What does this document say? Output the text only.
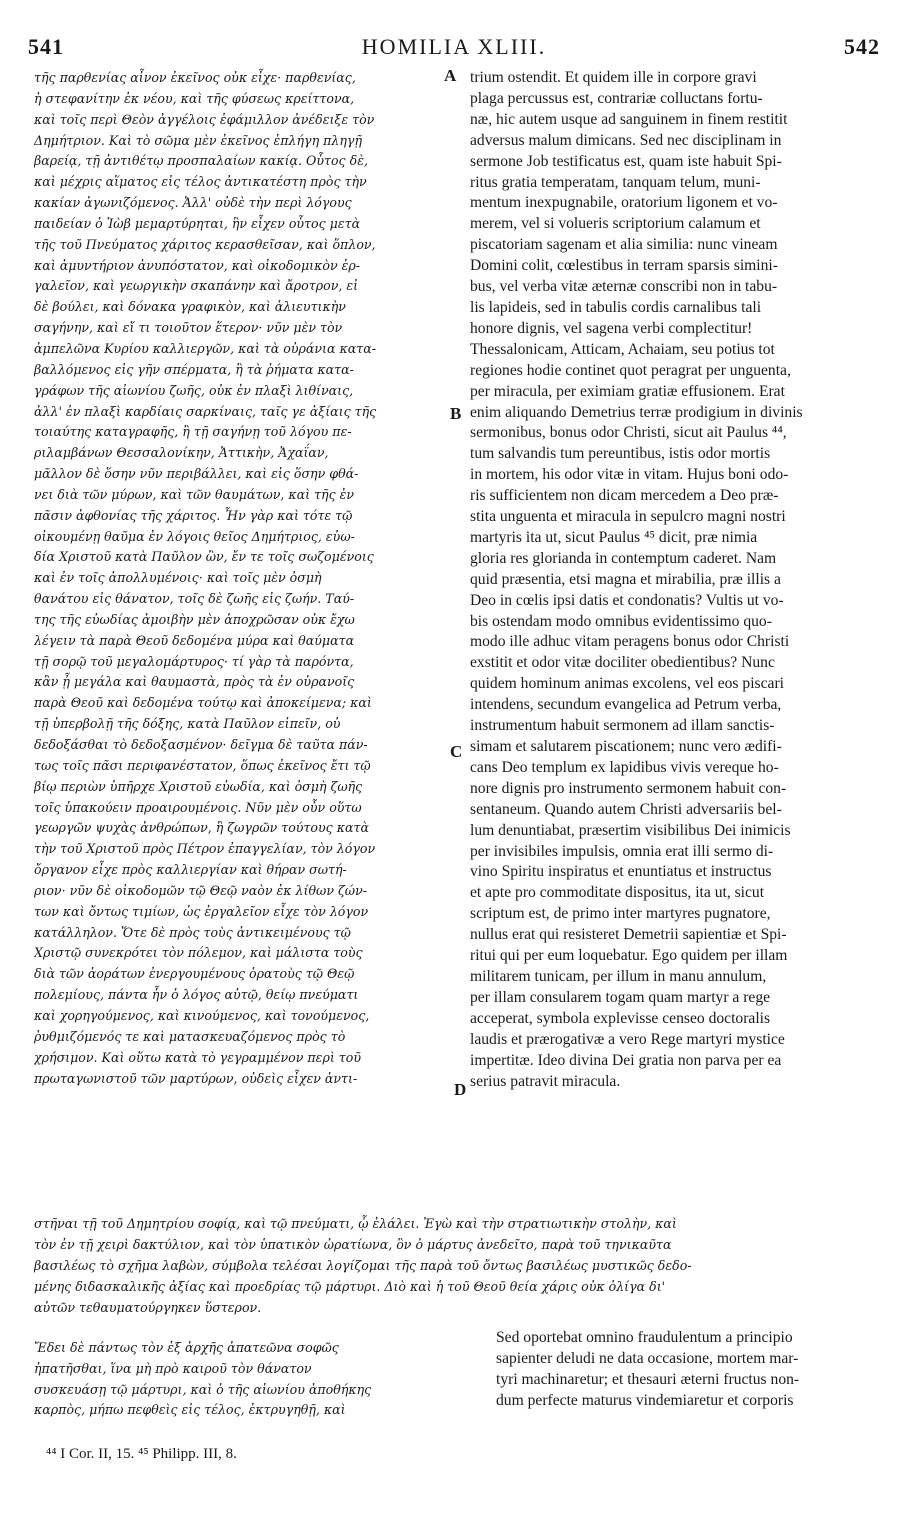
541	HOMILIA XLIII.	542
τῆς παρθενίας αἶνον ἐκεῖνος οὐκ εἶχε· παρθενίας,
ἡ στεφανίτην ἐκ νέου, καὶ τῆς φύσεως κρείττονα,
καὶ τοῖς περὶ Θεὸν ἀγγέλοις ἐφάμιλλον ἀνέδειξε τὸν
Δημήτριον. Καὶ τὸ σῶμα μὲν ἐκεῖνος ἐπλήγη πληγῇ
βαρείᾳ, τῇ ἀντιθέτῳ προσπαλαίων κακίᾳ. Οὗτος δὲ,
καὶ μέχρις αἵματος εἰς τέλος ἀντικατέστη πρὸς τὴν
κακίαν ἀγωνιζόμενος. Ἀλλ' οὐδὲ τὴν περὶ λόγους
παιδείαν ὁ Ἰὼβ μεμαρτύρηται, ἣν εἶχεν οὗτος μετὰ
τῆς τοῦ Πνεύματος χάριτος κερασθεῖσαν, καὶ ὅπλον,
καὶ ἀμυντήριον ἀνυπόστατον, καὶ οἰκοδομικὸν ἐρ-
γαλεῖον, καὶ γεωργικὴν σκαπάνην καὶ ἄροτρον, εἰ
δὲ βούλει, καὶ δόνακα γραφικὸν, καὶ ἁλιευτικὴν
σαγήνην, καὶ εἴ τι τοιοῦτον ἕτερον· νῦν μὲν τὸν
ἀμπελῶνα Κυρίου καλλιεργῶν, καὶ τὰ οὐράνια κατα-
βαλλόμενος εἰς γῆν σπέρματα, ἢ τὰ ῥήματα κατα-
γράφων τῆς αἰωνίου ζωῆς, οὐκ ἐν πλαξὶ λιθίναις,
ἀλλ' ἐν πλαξὶ καρδίαις σαρκίναις, ταῖς γε ἀξίαις τῆς
τοιαύτης καταγραφῆς, ἢ τῇ σαγήνῃ τοῦ λόγου πε-
ριλαμβάνων Θεσσαλονίκην, Ἀττικὴν, Ἀχαΐαν,
μᾶλλον δὲ ὅσην νῦν περιβάλλει, καὶ εἰς ὅσην φθά-
νει διὰ τῶν μύρων, καὶ τῶν θαυμάτων, καὶ τῆς ἐν
πᾶσιν ἀφθονίας τῆς χάριτος. Ἦν γὰρ καὶ τότε τῷ
οἰκουμένῃ θαῦμα ἐν λόγοις θεῖος Δημήτριος, εὐω-
δία Χριστοῦ κατὰ Παῦλον ὢν, ἔν τε τοῖς σωζομένοις
καὶ ἐν τοῖς ἀπολλυμένοις· καὶ τοῖς μὲν ὀσμὴ
θανάτου εἰς θάνατον, τοῖς δὲ ζωῆς εἰς ζωήν. Ταύ-
της τῆς εὐωδίας ἀμοιβὴν μὲν ἀποχρῶσαν οὐκ ἔχω
λέγειν τὰ παρὰ Θεοῦ δεδομένα μύρα καὶ θαύματα
τῇ σορῷ τοῦ μεγαλομάρτυρος· τί γὰρ τὰ παρόντα,
κἂν ᾖ μεγάλα καὶ θαυμαστὰ, πρὸς τὰ ἐν οὐρανοῖς
παρὰ Θεοῦ καὶ δεδομένα τούτῳ καὶ ἀποκείμενα; καὶ
τῇ ὑπερβολῇ τῆς δόξης, κατὰ Παῦλον εἰπεῖν, οὐ
δεδοξάσθαι τὸ δεδοξασμένον· δεῖγμα δὲ ταῦτα πάν-
τως τοῖς πᾶσι περιφανέστατον, ὅπως ἐκεῖνος ἔτι τῷ
βίῳ περιὼν ὑπῆρχε Χριστοῦ εὐωδία, καὶ ὀσμὴ ζωῆς
τοῖς ὑπακούειν προαιρουμένοις. Νῦν μὲν οὖν οὕτω
γεωργῶν ψυχὰς ἀνθρώπων, ἢ ζωγρῶν τούτους κατὰ
τὴν τοῦ Χριστοῦ πρὸς Πέτρον ἐπαγγελίαν, τὸν λόγον
ὄργανον εἶχε πρὸς καλλιεργίαν καὶ θήραν σωτή-
ριον· νῦν δὲ οἰκοδομῶν τῷ Θεῷ ναὸν ἐκ λίθων ζών-
των καὶ ὄντως τιμίων, ὡς ἐργαλεῖον εἶχε τὸν λόγον
κατάλληλον. Ὅτε δὲ πρὸς τοὺς ἀντικειμένους τῷ
Χριστῷ συνεκρότει τὸν πόλεμον, καὶ μάλιστα τοὺς
διὰ τῶν ἀοράτων ἐνεργουμένους ὁρατοὺς τῷ Θεῷ
πολεμίους, πάντα ἦν ὁ λόγος αὐτῷ, θείῳ πνεύματι
καὶ χορηγούμενος, καὶ κινούμενος, καὶ τονούμενος,
ῥυθμιζόμενός τε καὶ ματασκευαζόμενος πρὸς τὸ
χρήσιμον. Καὶ οὕτω κατὰ τὸ γεγραμμένον περὶ τοῦ
πρωταγωνιστοῦ τῶν μαρτύρων, οὐδεὶς εἶχεν ἀντι-
trium ostendit. Et quidem ille in corpore gravi
plaga percussus est, contrariæ colluctans fortu-
næ, hic autem usque ad sanguinem in finem restitit
adversus malum dimicans. Sed nec disciplinam in
sermone Job testificatus est, quam iste habuit Spi-
ritus gratia temperatam, tanquam telum, muni-
mentum inexpugnabile, oratorium ligonem et vo-
merem, vel si volueris scriptorium calamum et
piscatoriam sagenam et alia similia: nunc vineam
Domini colit, cœlestibus in terram sparsis simini-
bus, vel verba vitæ æternæ conscribi non in tabu-
lis lapideis, sed in tabulis cordis carnalibus tali
honore dignis, vel sagena verbi complectitur!
Thessalonicam, Atticam, Achaiam, seu potius tot
regiones hodie continet quot peragrat per unguenta,
per miracula, per eximiam gratiæ effusionem. Erat
enim aliquando Demetrius terræ prodigium in divinis
sermonibus, bonus odor Christi, sicut ait Paulus ⁴⁴,
tum salvandis tum pereuntibus, istis odor mortis
in mortem, his odor vitæ in vitam. Hujus boni odo-
ris sufficientem non dicam mercedem a Deo præ-
stita unguenta et miracula in sepulcro magni nostri
martyris ita ut, sicut Paulus ⁴⁵ dicit, præ nimia
gloria res glorianda in contemptum caderet. Nam
quid præsentia, etsi magna et mirabilia, præ illis a
Deo in cœlis ipsi datis et condonatis? Vultis ut vo-
bis ostendam modo omnibus evidentissimo quo-
modo ille adhuc vitam peragens bonus odor Christi
exstitit et odor vitæ dociliter obedientibus? Nunc
quidem hominum animas excolens, vel eos piscari
intendens, secundum evangelica ad Petrum verba,
instrumentum habuit sermonem ad illam sanctis-
simam et salutarem piscationem; nunc vero ædifi-
cans Deo templum ex lapidibus vivis vereque ho-
nore dignis pro instrumento sermonem habuit con-
sentaneum. Quando autem Christi adversariis bel-
lum denuntiabat, præsertim visibilibus Dei inimicis
per invisibiles impulsis, omnia erat illi sermo di-
vino Spiritu inspiratus et enuntiatus et instructus
et apte pro commoditate dispositus, ita ut, sicut
scriptum est, de primo inter martyres pugnatore,
nullus erat qui resisteret Demetrii sapientiæ et Spi-
ritui qui per eum loquebatur. Ego quidem per illam
militarem tunicam, per illum in manu annulum,
per illam consularem togam quam martyr a rege
acceperat, symbola explevisse censeo doctoralis
laudis et prærogativæ a vero Rege martyri mystice
impertitæ. Ideo divina Dei gratia non parva per ea
serius patravit miracula.
A
B
C
D
στῆναι τῇ τοῦ Δημητρίου σοφίᾳ, καὶ τῷ πνεύματι, ᾧ ἐλάλει. Ἐγὼ καὶ τὴν στρατιωτικὴν στολὴν, καὶ
τὸν ἐν τῇ χειρὶ δακτύλιον, καὶ τὸν ὑπατικὸν ὠρατίωνα, ὃν ὁ μάρτυς ἀνεδεῖτο, παρὰ τοῦ τηνικαῦτα
βασιλέως τὸ σχῆμα λαβὼν, σύμβολα τελέσαι λογίζομαι τῆς παρὰ τοῦ ὄντως βασιλέως μυστικῶς δεδο-
μένης διδασκαλικῆς ἀξίας καὶ προεδρίας τῷ μάρτυρι. Διὸ καὶ ἡ τοῦ Θεοῦ θεία χάρις οὐκ ὀλίγα δι'
αὐτῶν τεθαυματούργηκεν ὕστερον.
Ἔδει δὲ πάντως τὸν ἐξ ἀρχῆς ἀπατεῶνα σοφῶς
ἠπατῆσθαι, ἵνα μὴ πρὸ καιροῦ τὸν θάνατον
συσκευάσῃ τῷ μάρτυρι, καὶ ὁ τῆς αἰωνίου ἀποθήκης
καρπὸς, μήπω πεφθεὶς εἰς τέλος, ἐκτρυγηθῇ, καὶ
Sed oportebat omnino fraudulentum a principio
sapienter deludi ne data occasione, mortem mar-
tyri machinaretur; et thesauri æterni fructus non-
dum perfecte maturus vindemiaretur et corporis
⁴⁴ I Cor. II, 15. ⁴⁵ Philipp. III, 8.
